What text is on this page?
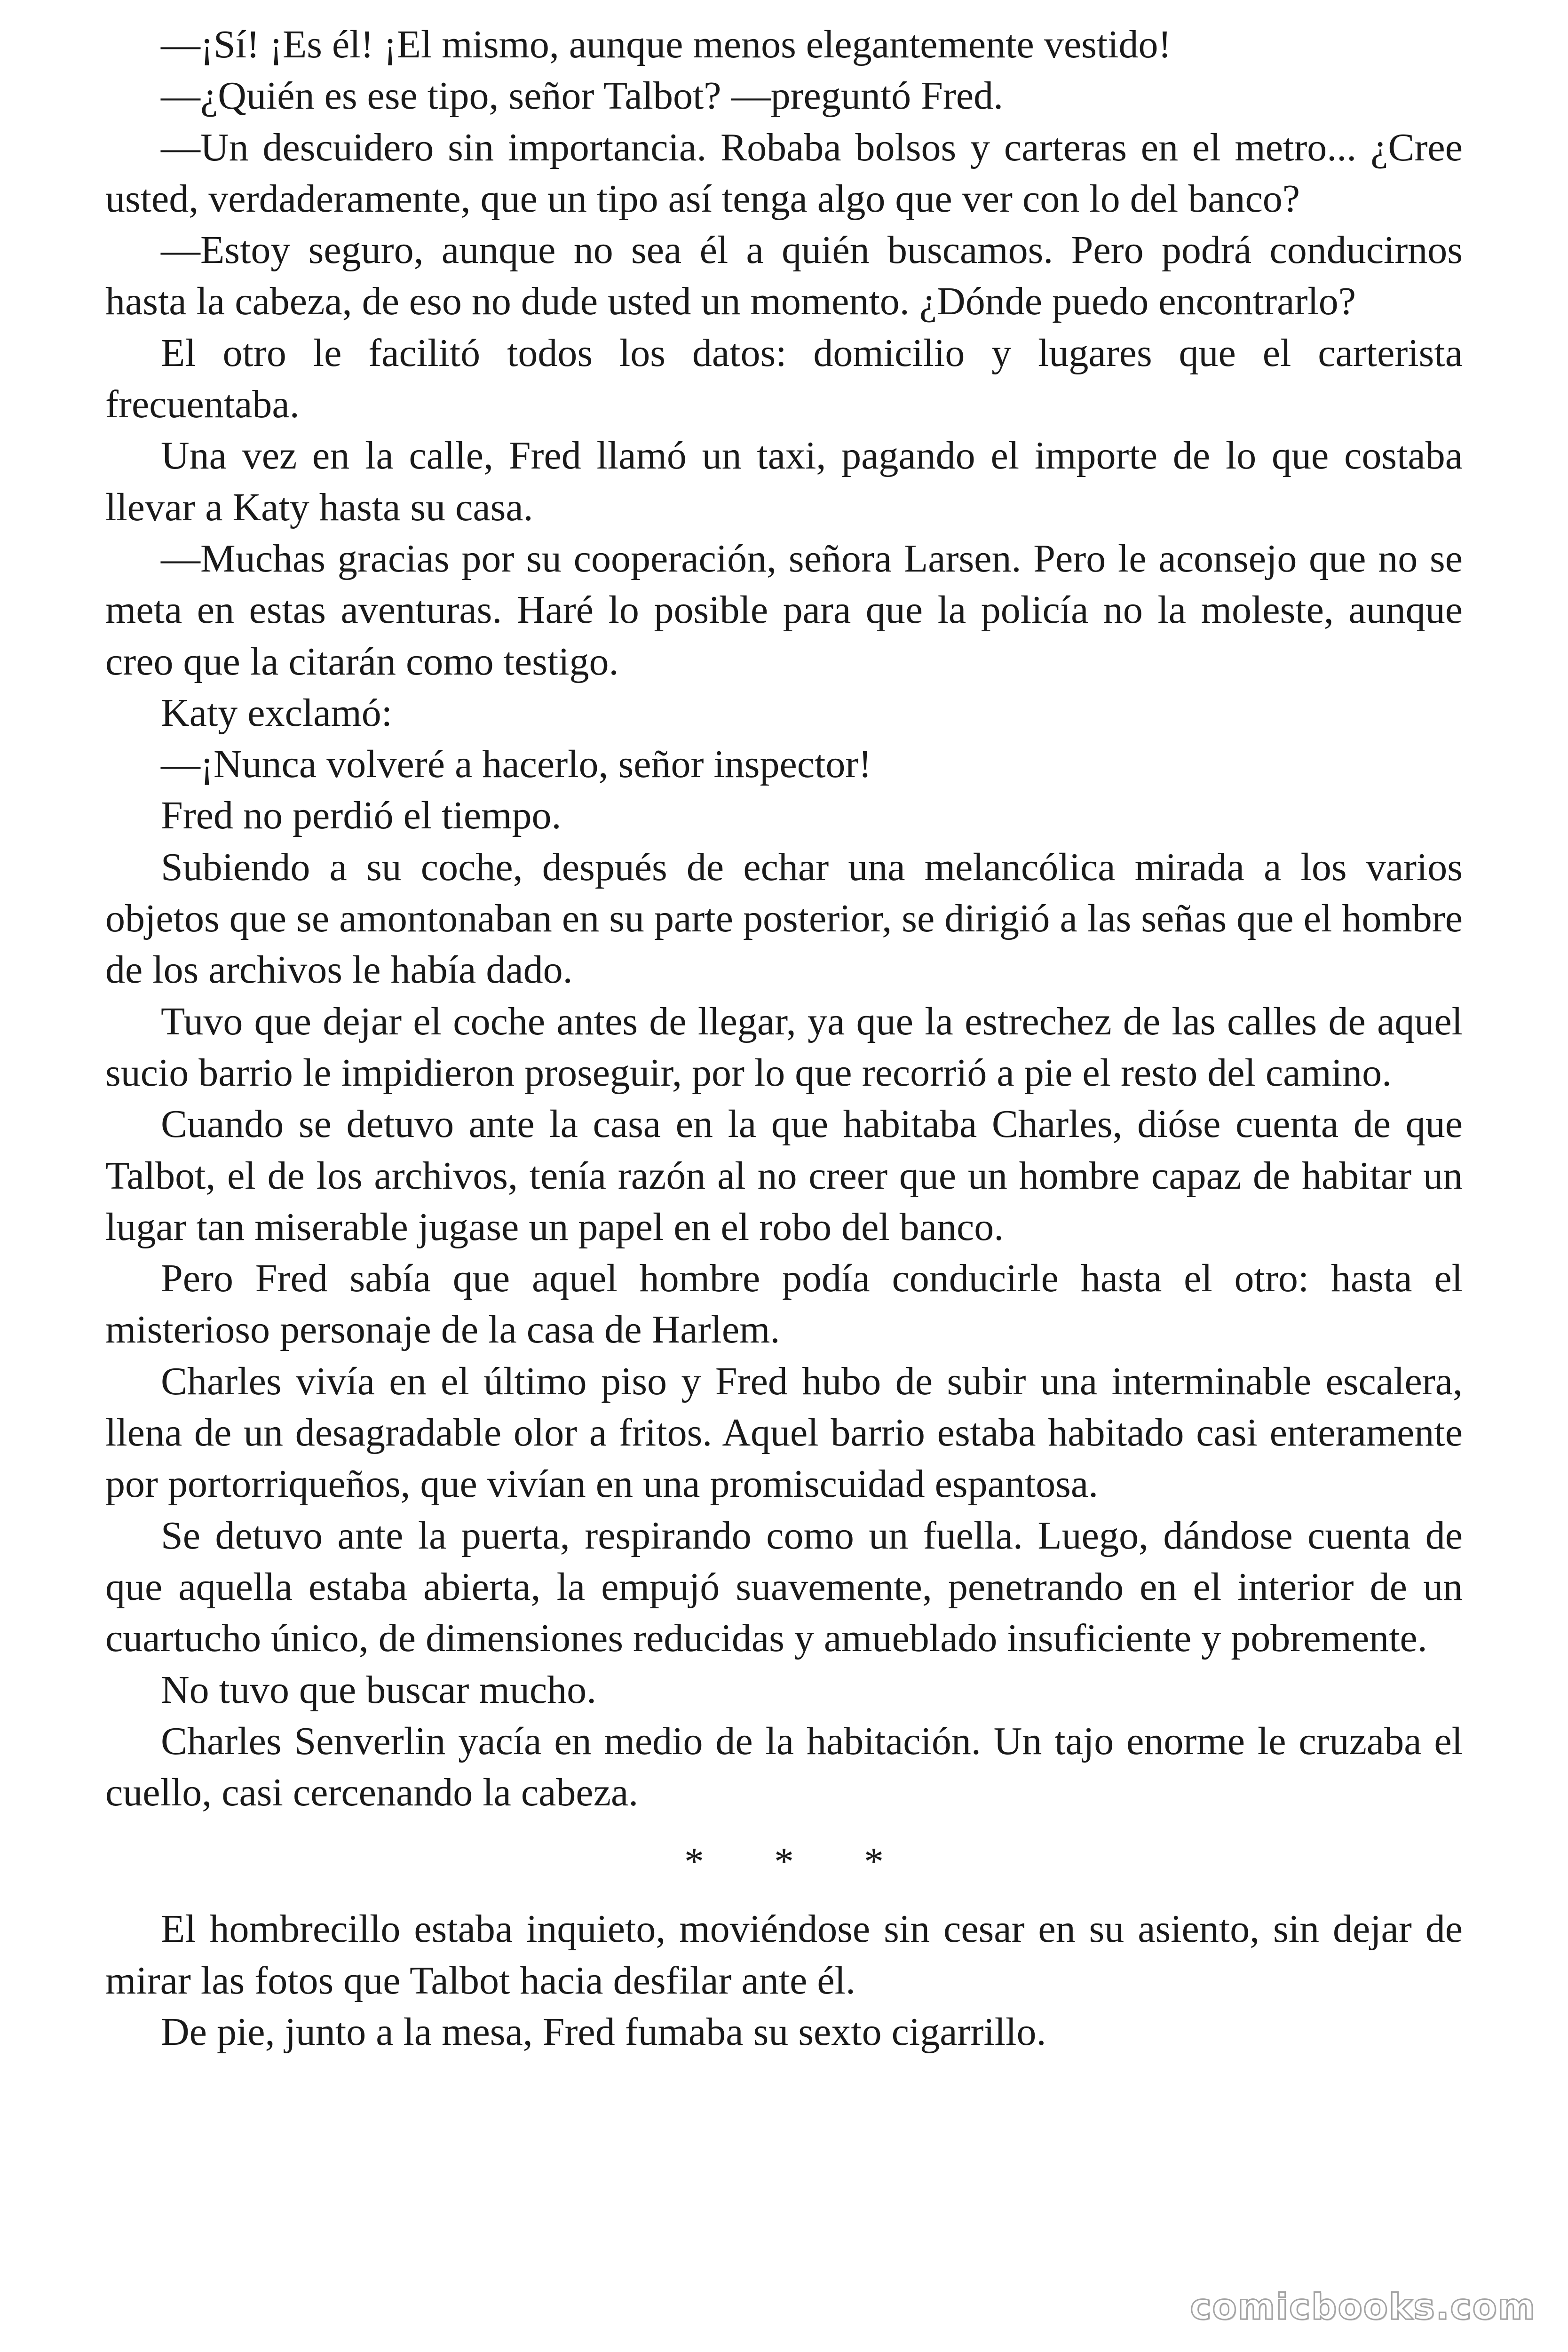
—¡Sí! ¡Es él! ¡El mismo, aunque menos elegantemente vestido!

—¿Quién es ese tipo, señor Talbot? —preguntó Fred.

—Un descuidero sin importancia. Robaba bolsos y carteras en el metro... ¿Cree usted, verdaderamente, que un tipo así tenga algo que ver con lo del banco?

—Estoy seguro, aunque no sea él a quién buscamos. Pero podrá conducirnos hasta la cabeza, de eso no dude usted un momento. ¿Dónde puedo encontrarlo?

El otro le facilitó todos los datos: domicilio y lugares que el carterista frecuentaba.

Una vez en la calle, Fred llamó un taxi, pagando el importe de lo que costaba llevar a Katy hasta su casa.

—Muchas gracias por su cooperación, señora Larsen. Pero le aconsejo que no se meta en estas aventuras. Haré lo posible para que la policía no la moleste, aunque creo que la citarán como testigo.

Katy exclamó:

—¡Nunca volveré a hacerlo, señor inspector!

Fred no perdió el tiempo.

Subiendo a su coche, después de echar una melancólica mirada a los varios objetos que se amontonaban en su parte posterior, se dirigió a las señas que el hombre de los archivos le había dado.

Tuvo que dejar el coche antes de llegar, ya que la estrechez de las calles de aquel sucio barrio le impidieron proseguir, por lo que recorrió a pie el resto del camino.

Cuando se detuvo ante la casa en la que habitaba Charles, dióse cuenta de que Talbot, el de los archivos, tenía razón al no creer que un hombre capaz de habitar un lugar tan miserable jugase un papel en el robo del banco.

Pero Fred sabía que aquel hombre podía conducirle hasta el otro: hasta el misterioso personaje de la casa de Harlem.

Charles vivía en el último piso y Fred hubo de subir una interminable escalera, llena de un desagradable olor a fritos. Aquel barrio estaba habitado casi enteramente por portorriqueños, que vivían en una promiscuidad espantosa.

Se detuvo ante la puerta, respirando como un fuella. Luego, dándose cuenta de que aquella estaba abierta, la empujó suavemente, penetrando en el interior de un cuartucho único, de dimensiones reducidas y amueblado insuficiente y pobremente.

No tuvo que buscar mucho.

Charles Senverlin yacía en medio de la habitación. Un tajo enorme le cruzaba el cuello, casi cercenando la cabeza.

* * *

El hombrecillo estaba inquieto, moviéndose sin cesar en su asiento, sin dejar de mirar las fotos que Talbot hacia desfilar ante él.

De pie, junto a la mesa, Fred fumaba su sexto cigarrillo.

comicbooks.com
